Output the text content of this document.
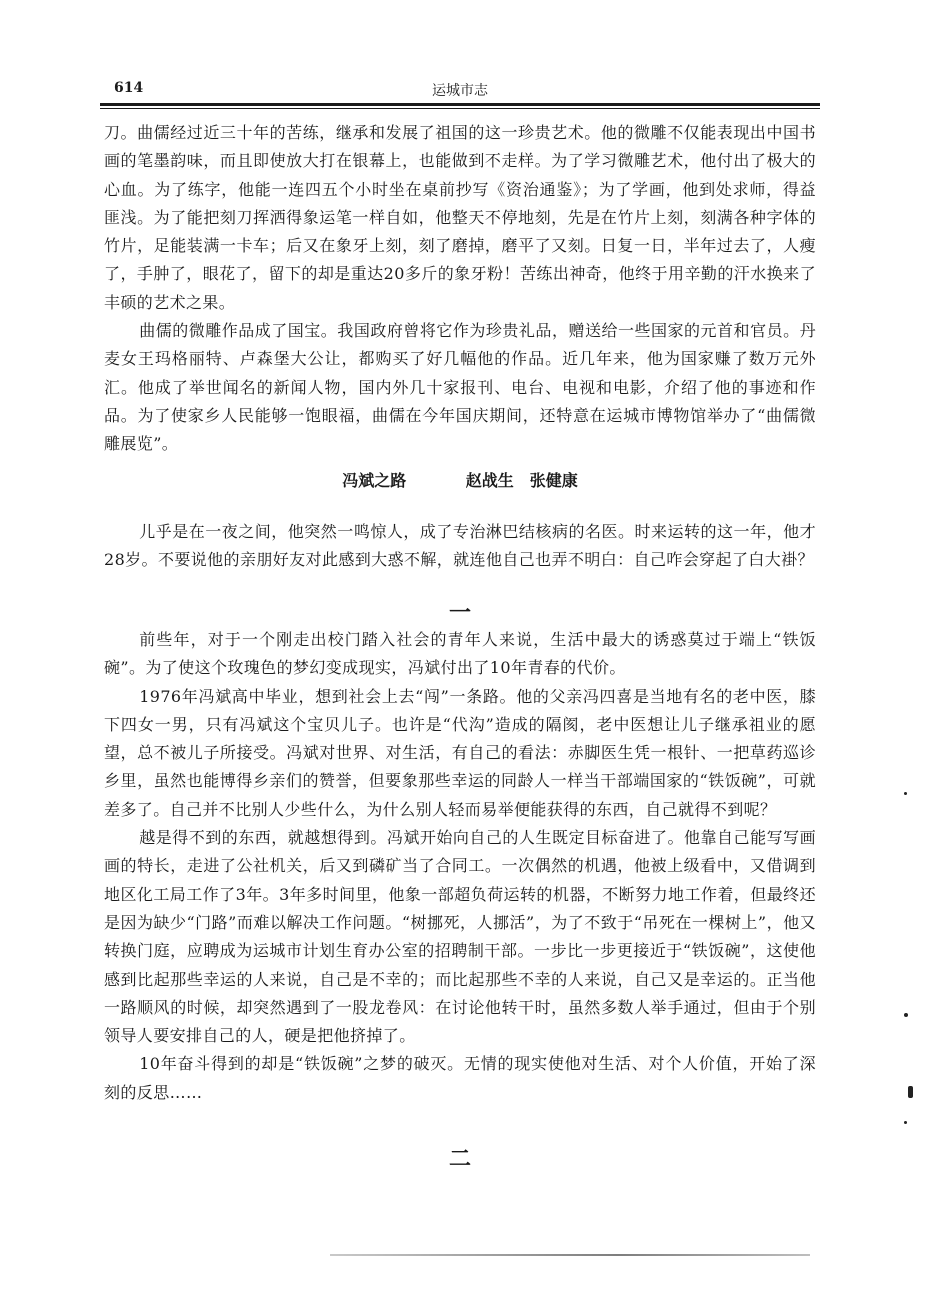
614	运城市志

刀。曲儒经过近三十年的苦练，继承和发展了祖国的这一珍贵艺术。他的微雕不仅能表现出中国书画的笔墨韵味，而且即使放大打在银幕上，也能做到不走样。为了学习微雕艺术，他付出了极大的心血。为了练字，他能一连四五个小时坐在桌前抄写《资治通鉴》；为了学画，他到处求师，得益匪浅。为了能把刻刀挥洒得象运笔一样自如，他整天不停地刻，先是在竹片上刻，刻满各种字体的竹片，足能装满一卡车；后又在象牙上刻，刻了磨掉，磨平了又刻。日复一日，半年过去了，人瘦了，手肿了，眼花了，留下的却是重达20多斤的象牙粉！苦练出神奇，他终于用辛勤的汗水换来了丰硕的艺术之果。

曲儒的微雕作品成了国宝。我国政府曾将它作为珍贵礼品，赠送给一些国家的元首和官员。丹麦女王玛格丽特、卢森堡大公让，都购买了好几幅他的作品。近几年来，他为国家赚了数万元外汇。他成了举世闻名的新闻人物，国内外几十家报刊、电台、电视和电影，介绍了他的事迹和作品。为了使家乡人民能够一饱眼福，曲儒在今年国庆期间，还特意在运城市博物馆举办了“曲儒微雕展览”。

冯斌之路	赵战生　张健康

儿乎是在一夜之间，他突然一鸣惊人，成了专治淋巴结核病的名医。时来运转的这一年，他才28岁。不要说他的亲朋好友对此感到大惑不解，就连他自己也弄不明白：自己咋会穿起了白大褂？

一

前些年，对于一个刚走出校门踏入社会的青年人来说，生活中最大的诱惑莫过于端上“铁饭碗”。为了使这个玫瑰色的梦幻变成现实，冯斌付出了10年青春的代价。

1976年冯斌高中毕业，想到社会上去“闯”一条路。他的父亲冯四喜是当地有名的老中医，膝下四女一男，只有冯斌这个宝贝儿子。也许是“代沟”造成的隔阂，老中医想让儿子继承祖业的愿望，总不被儿子所接受。冯斌对世界、对生活，有自己的看法：赤脚医生凭一根针、一把草药巡诊乡里，虽然也能博得乡亲们的赞誉，但要象那些幸运的同龄人一样当干部端国家的“铁饭碗”，可就差多了。自己并不比别人少些什么，为什么别人轻而易举便能获得的东西，自己就得不到呢？

越是得不到的东西，就越想得到。冯斌开始向自己的人生既定目标奋进了。他靠自己能写写画画的特长，走进了公社机关，后又到磷矿当了合同工。一次偶然的机遇，他被上级看中，又借调到地区化工局工作了3年。3年多时间里，他象一部超负荷运转的机器，不断努力地工作着，但最终还是因为缺少“门路”而难以解决工作问题。“树挪死，人挪活”，为了不致于“吊死在一棵树上”，他又转换门庭，应聘成为运城市计划生育办公室的招聘制干部。一步比一步更接近于“铁饭碗”，这使他感到比起那些幸运的人来说，自己是不幸的；而比起那些不幸的人来说，自己又是幸运的。正当他一路顺风的时候，却突然遇到了一股龙卷风：在讨论他转干时，虽然多数人举手通过，但由于个别领导人要安排自己的人，硬是把他挤掉了。

10年奋斗得到的却是“铁饭碗”之梦的破灭。无情的现实使他对生活、对个人价值，开始了深刻的反思……

二
